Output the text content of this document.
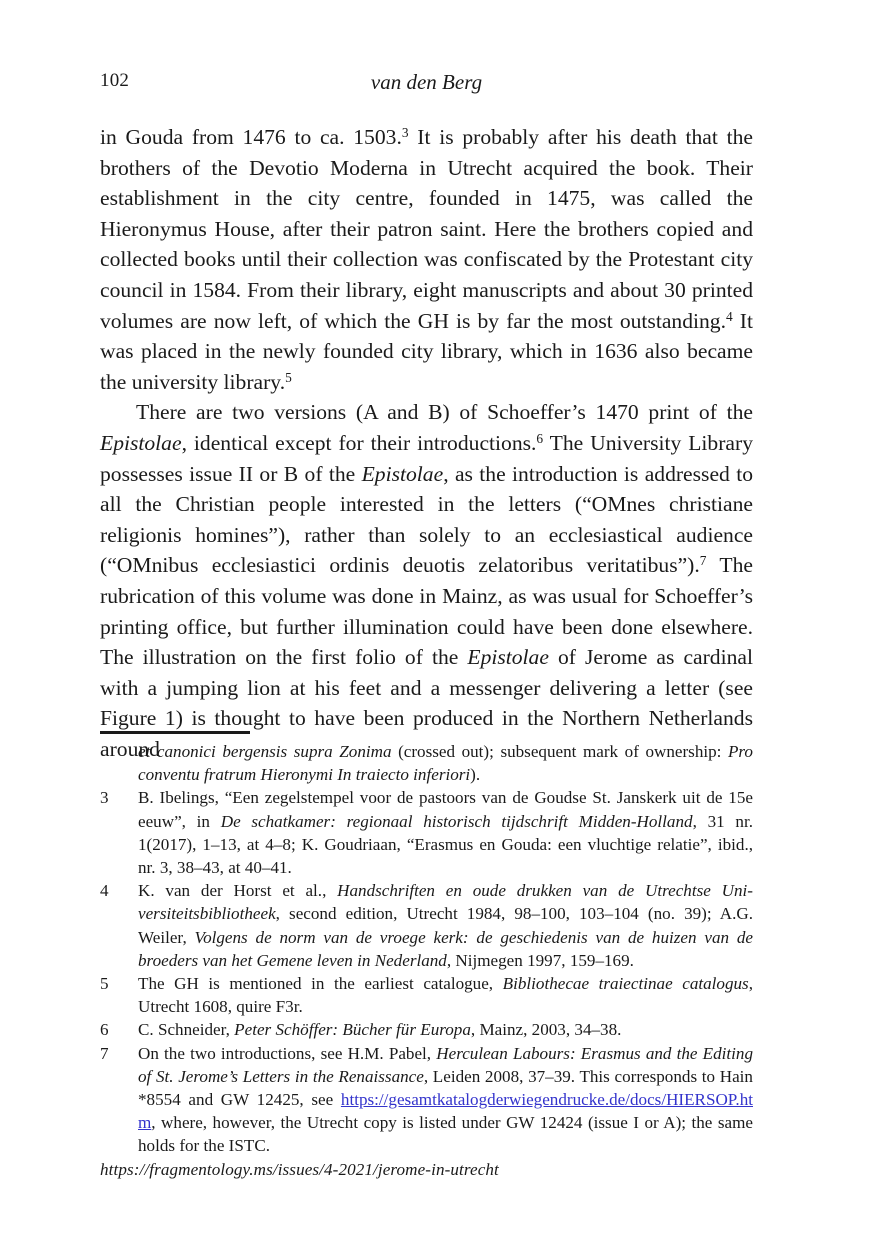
102	van den Berg

in Gouda from 1476 to ca. 1503.$^3$ It is probably after his death that the brothers of the Devotio Moderna in Utrecht acquired the book. Their establishment in the city centre, founded in 1475, was called the Hieronymus House, after their patron saint. Here the brothers copied and collected books until their collection was confiscated by the Protestant city council in 1584. From their library, eight manuscripts and about 30 printed volumes are now left, of which the GH is by far the most outstanding.$^4$ It was placed in the newly founded city library, which in 1636 also became the university library.$^5$

There are two versions (A and B) of Schoeffer’s 1470 print of the Epistolae, identical except for their introductions.$^6$ The University Library possesses issue II or B of the Epistolae, as the introduction is addressed to all the Christian people interested in the letters (“OMnes christiane religionis homines”), rather than solely to an ecclesiastical audience (“OMnibus ecclesiastici ordinis deuotis zelatoribus veritatibus”).$^7$ The rubrication of this volume was done in Mainz, as was usual for Schoeffer’s printing office, but further illumination could have been done elsewhere. The illustration on the first folio of the Epistolae of Jerome as cardinal with a jumping lion at his feet and a messenger delivering a letter (see Figure 1) is thought to have been produced in the Northern Netherlands around

et canonici bergensis supra Zonima (crossed out); subsequent mark of ownership: Pro conventu fratrum Hieronymi In traiecto inferiori).

3	B. Ibelings, “Een zegelstempel voor de pastoors van de Goudse St. Janskerk uit de 15e eeuw”, in De schatkamer: regionaal historisch tijdschrift Midden-Holland, 31 nr. 1(2017), 1–13, at 4–8; K. Goudriaan, “Erasmus en Gouda: een vluchtige relatie”, ibid., nr. 3, 38–43, at 40–41.

4	K. van der Horst et al., Handschriften en oude drukken van de Utrechtse Universiteitsbibliotheek, second edition, Utrecht 1984, 98–100, 103–104 (no. 39); A.G. Weiler, Volgens de norm van de vroege kerk: de geschiedenis van de huizen van de broeders van het Gemene leven in Nederland, Nijmegen 1997, 159–169.

5	The GH is mentioned in the earliest catalogue, Bibliothecae traiectinae catalogus, Utrecht 1608, quire F3r.

6	C. Schneider, Peter Schöffer: Bücher für Europa, Mainz, 2003, 34–38.

7	On the two introductions, see H.M. Pabel, Herculean Labours: Erasmus and the Editing of St. Jerome’s Letters in the Renaissance, Leiden 2008, 37–39. This corresponds to Hain *8554 and GW 12425, see https://gesamtkatalogderwiegendrucke.de/docs/HIERSOP.htm, where, however, the Utrecht copy is listed under GW 12424 (issue I or A); the same holds for the ISTC.

https://fragmentology.ms/issues/4-2021/jerome-in-utrecht
